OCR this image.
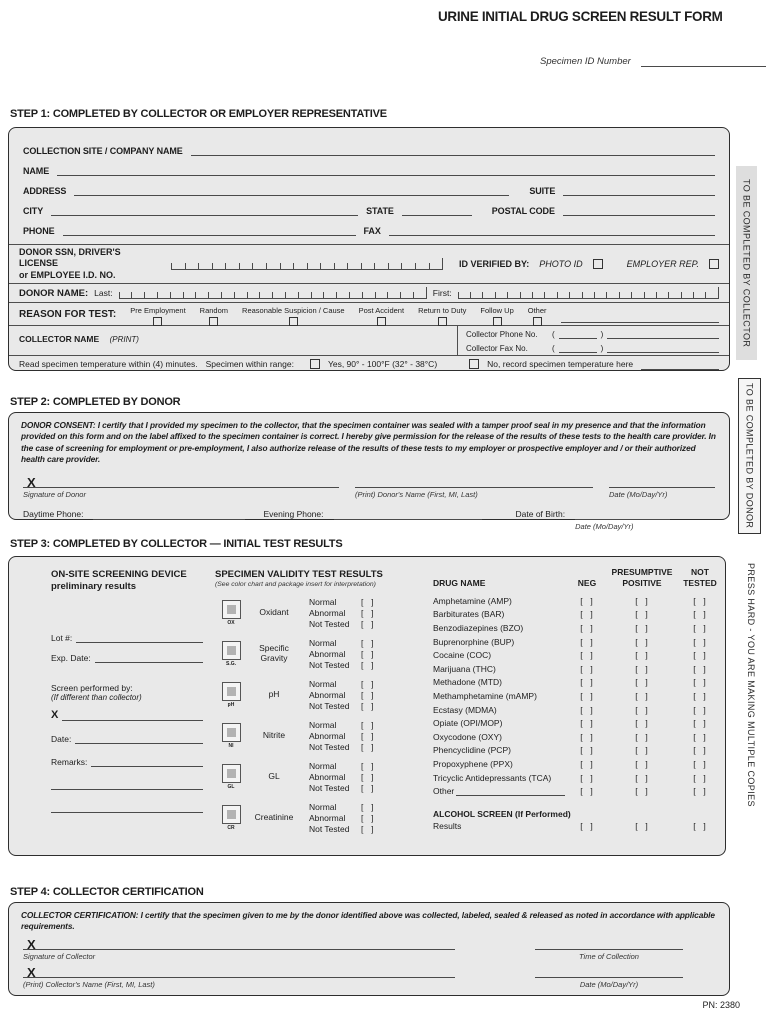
URINE INITIAL DRUG SCREEN RESULT FORM
Specimen ID Number
TO BE COMPLETED BY COLLECTOR
TO BE COMPLETED BY DONOR
PRESS HARD - YOU ARE MAKING MULTIPLE COPIES
STEP 1: COMPLETED BY COLLECTOR OR EMPLOYER REPRESENTATIVE
COLLECTION SITE / COMPANY NAME
NAME
ADDRESS	SUITE
CITY	STATE	POSTAL CODE
PHONE	FAX
DONOR SSN, DRIVER'S LICENSE
or EMPLOYEE I.D. NO.
ID VERIFIED BY: PHOTO ID	EMPLOYER REP.
DONOR NAME: Last:	First:
REASON FOR TEST: Pre Employment Random Reasonable Suspicion / Cause Post Accident Return to Duty Follow Up Other
COLLECTOR NAME (PRINT)
Collector Phone No.	(	)
Collector Fax No.	(	)
Read specimen temperature within (4) minutes. Specimen within range:	Yes, 90° - 100°F (32° - 38°C)	No, record specimen temperature here
STEP 2: COMPLETED BY DONOR
DONOR CONSENT: I certify that I provided my specimen to the collector, that the specimen container was sealed with a tamper proof seal in my presence and that the information provided on this form and on the label affixed to the specimen container is correct. I hereby give permission for the release of the results of these tests to the health care provider. In the case of screening for employment or pre-employment, I also authorize release of the results of these tests to my employer or prospective employer and / or their authorized health care provider.
X
Signature of Donor	(Print) Donor's Name (First, MI, Last)	Date (Mo/Day/Yr)
Daytime Phone:	Evening Phone:	Date of Birth:
Date (Mo/Day/Yr)
STEP 3: COMPLETED BY COLLECTOR — INITIAL TEST RESULTS
ON-SITE SCREENING DEVICE
preliminary results
Lot #:
Exp. Date:
Screen performed by:
(If different than collector)
X
Date:
Remarks:
SPECIMEN VALIDITY TEST RESULTS
(See color chart and package insert for interpretation)
OX
Oxidant
Normal	[  ]
Abnormal	[  ]
Not Tested	[  ]
S.G.
Specific Gravity
Normal	[  ]
Abnormal	[  ]
Not Tested	[  ]
pH
pH
Normal	[  ]
Abnormal	[  ]
Not Tested	[  ]
NI
Nitrite
Normal	[  ]
Abnormal	[  ]
Not Tested	[  ]
GL
GL
Normal	[  ]
Abnormal	[  ]
Not Tested	[  ]
CR
Creatinine
Normal	[  ]
Abnormal	[  ]
Not Tested	[  ]
PRESUMPTIVE	NOT
DRUG NAME	NEG	POSITIVE	TESTED
Amphetamine (AMP)	[  ]	[  ]	[  ]
Barbiturates (BAR)	[  ]	[  ]	[  ]
Benzodiazepines (BZO)	[  ]	[  ]	[  ]
Buprenorphine (BUP)	[  ]	[  ]	[  ]
Cocaine (COC)	[  ]	[  ]	[  ]
Marijuana (THC)	[  ]	[  ]	[  ]
Methadone (MTD)	[  ]	[  ]	[  ]
Methamphetamine (mAMP)	[  ]	[  ]	[  ]
Ecstasy (MDMA)	[  ]	[  ]	[  ]
Opiate (OPI/MOP)	[  ]	[  ]	[  ]
Oxycodone (OXY)	[  ]	[  ]	[  ]
Phencyclidine (PCP)	[  ]	[  ]	[  ]
Propoxyphene (PPX)	[  ]	[  ]	[  ]
Tricyclic Antidepressants (TCA)	[  ]	[  ]	[  ]
Other	[  ]	[  ]	[  ]
ALCOHOL SCREEN (If Performed)
Results	[  ]	[  ]	[  ]
STEP 4: COLLECTOR CERTIFICATION
COLLECTOR CERTIFICATION: I certify that the specimen given to me by the donor identified above was collected, labeled, sealed & released as noted in accordance with applicable requirements.
X
Signature of Collector	Time of Collection
X
(Print) Collector's Name (First, MI, Last)	Date (Mo/Day/Yr)
PN: 2380
